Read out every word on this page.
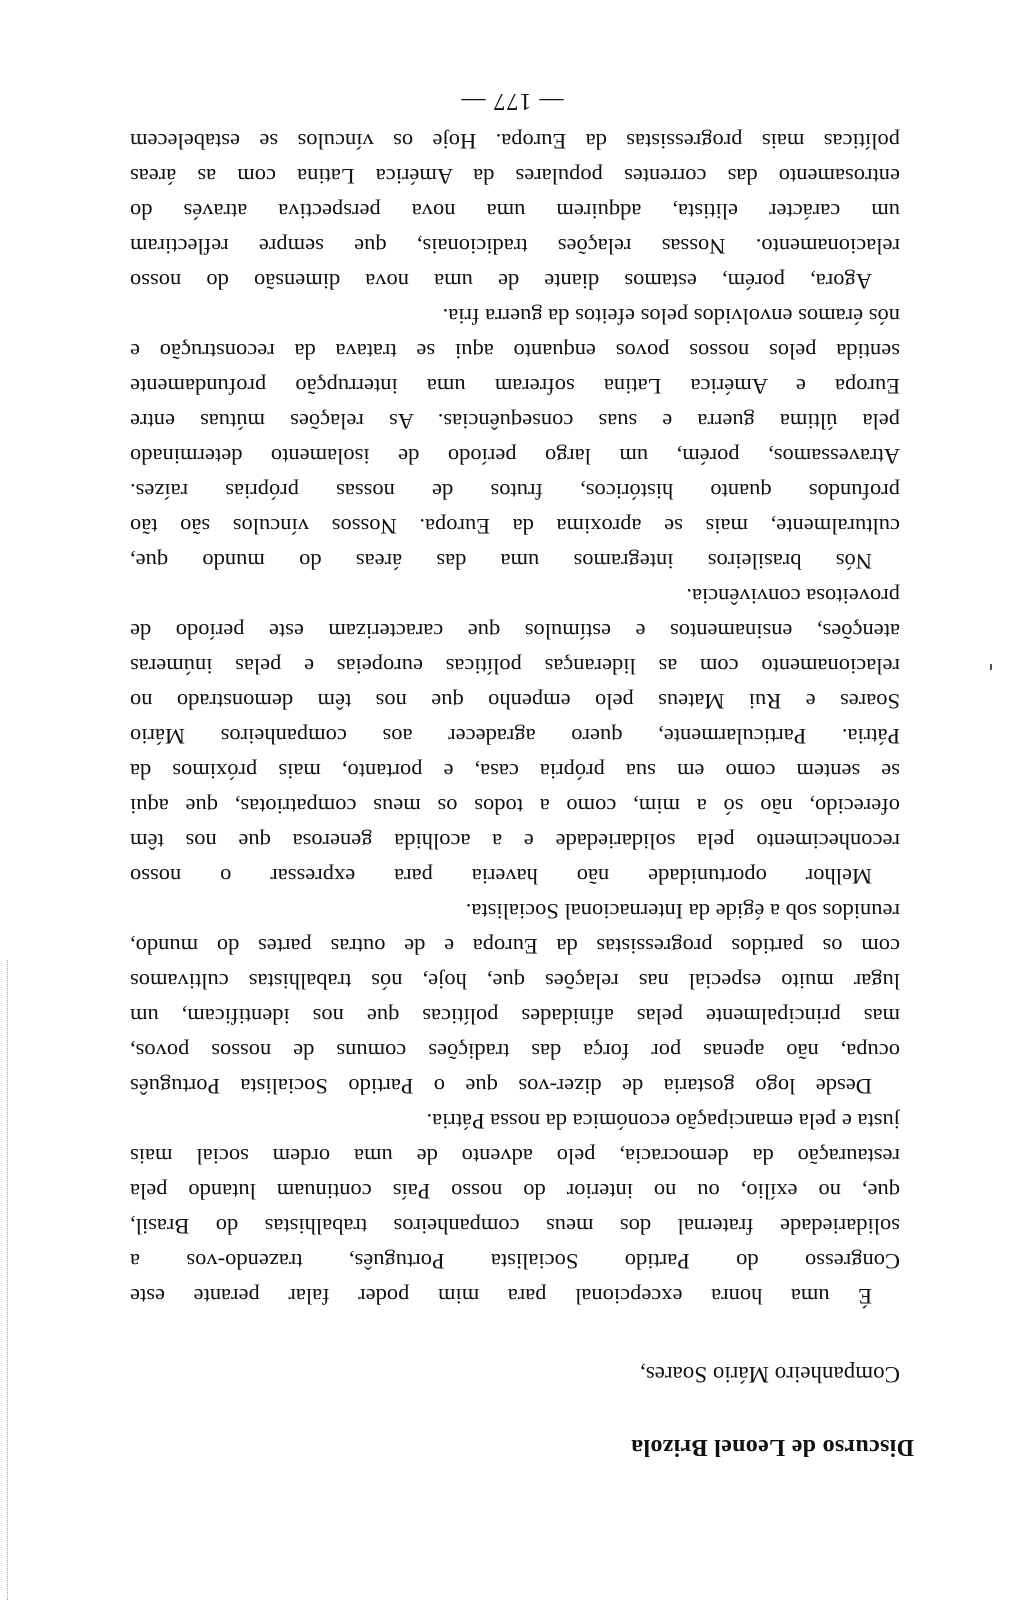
Discurso de Leonel Brizola
Companheiro Mário Soares,
É uma honra excepcional para mim poder falar perante este
Congresso do Partido Socialista Português, trazendo-vos a
solidariedade fraternal dos meus companheiros trabalhistas do Brasil,
que, no exílio, ou no interior do nosso País continuam lutando pela
restauração da democracia, pelo advento de uma ordem social mais
justa e pela emancipação económica da nossa Pátria.
Desde logo gostaria de dizer-vos que o Partido Socialista Português
ocupa, não apenas por força das tradições comuns de nossos povos,
mas principalmente pelas afinidades políticas que nos identificam, um
lugar muito especial nas relações que, hoje, nós trabalhistas cultivamos
com os partidos progressistas da Europa e de outras partes do mundo,
reunidos sob a égide da Internacional Socialista.
Melhor oportunidade não haveria para expressar o nosso
reconhecimento pela solidariedade e a acolhida generosa que nos têm
oferecido, não só a mim, como a todos os meus compatriotas, que aqui
se sentem como em sua própria casa, e portanto, mais próximos da
Pátria. Particularmente, quero agradecer aos companheiros Mário
Soares e Rui Mateus pelo empenho que nos têm demonstrado no
relacionamento com as lideranças políticas europeias e pelas inúmeras
atenções, ensinamentos e estímulos que caracterizam este período de
proveitosa convivência.
Nós brasileiros integramos uma das áreas do mundo que,
culturalmente, mais se aproxima da Europa. Nossos vínculos são tão
profundos quanto históricos, frutos de nossas próprias raízes.
Atravessamos, porém, um largo período de isolamento determinado
pela última guerra e suas consequências. As relações mútuas entre
Europa e América Latina sofreram uma interrupção profundamente
sentida pelos nossos povos enquanto aqui se tratava da reconstrução e
nós éramos envolvidos pelos efeitos da guerra fria.
Agora, porém, estamos diante de uma nova dimensão do nosso
relacionamento. Nossas relações tradicionais, que sempre reflectiram
um carácter elitista, adquirem uma nova perspectiva através do
entrosamento das correntes populares da América Latina com as áreas
políticas mais progressistas da Europa. Hoje os vínculos se estabelecem
— 177 —
